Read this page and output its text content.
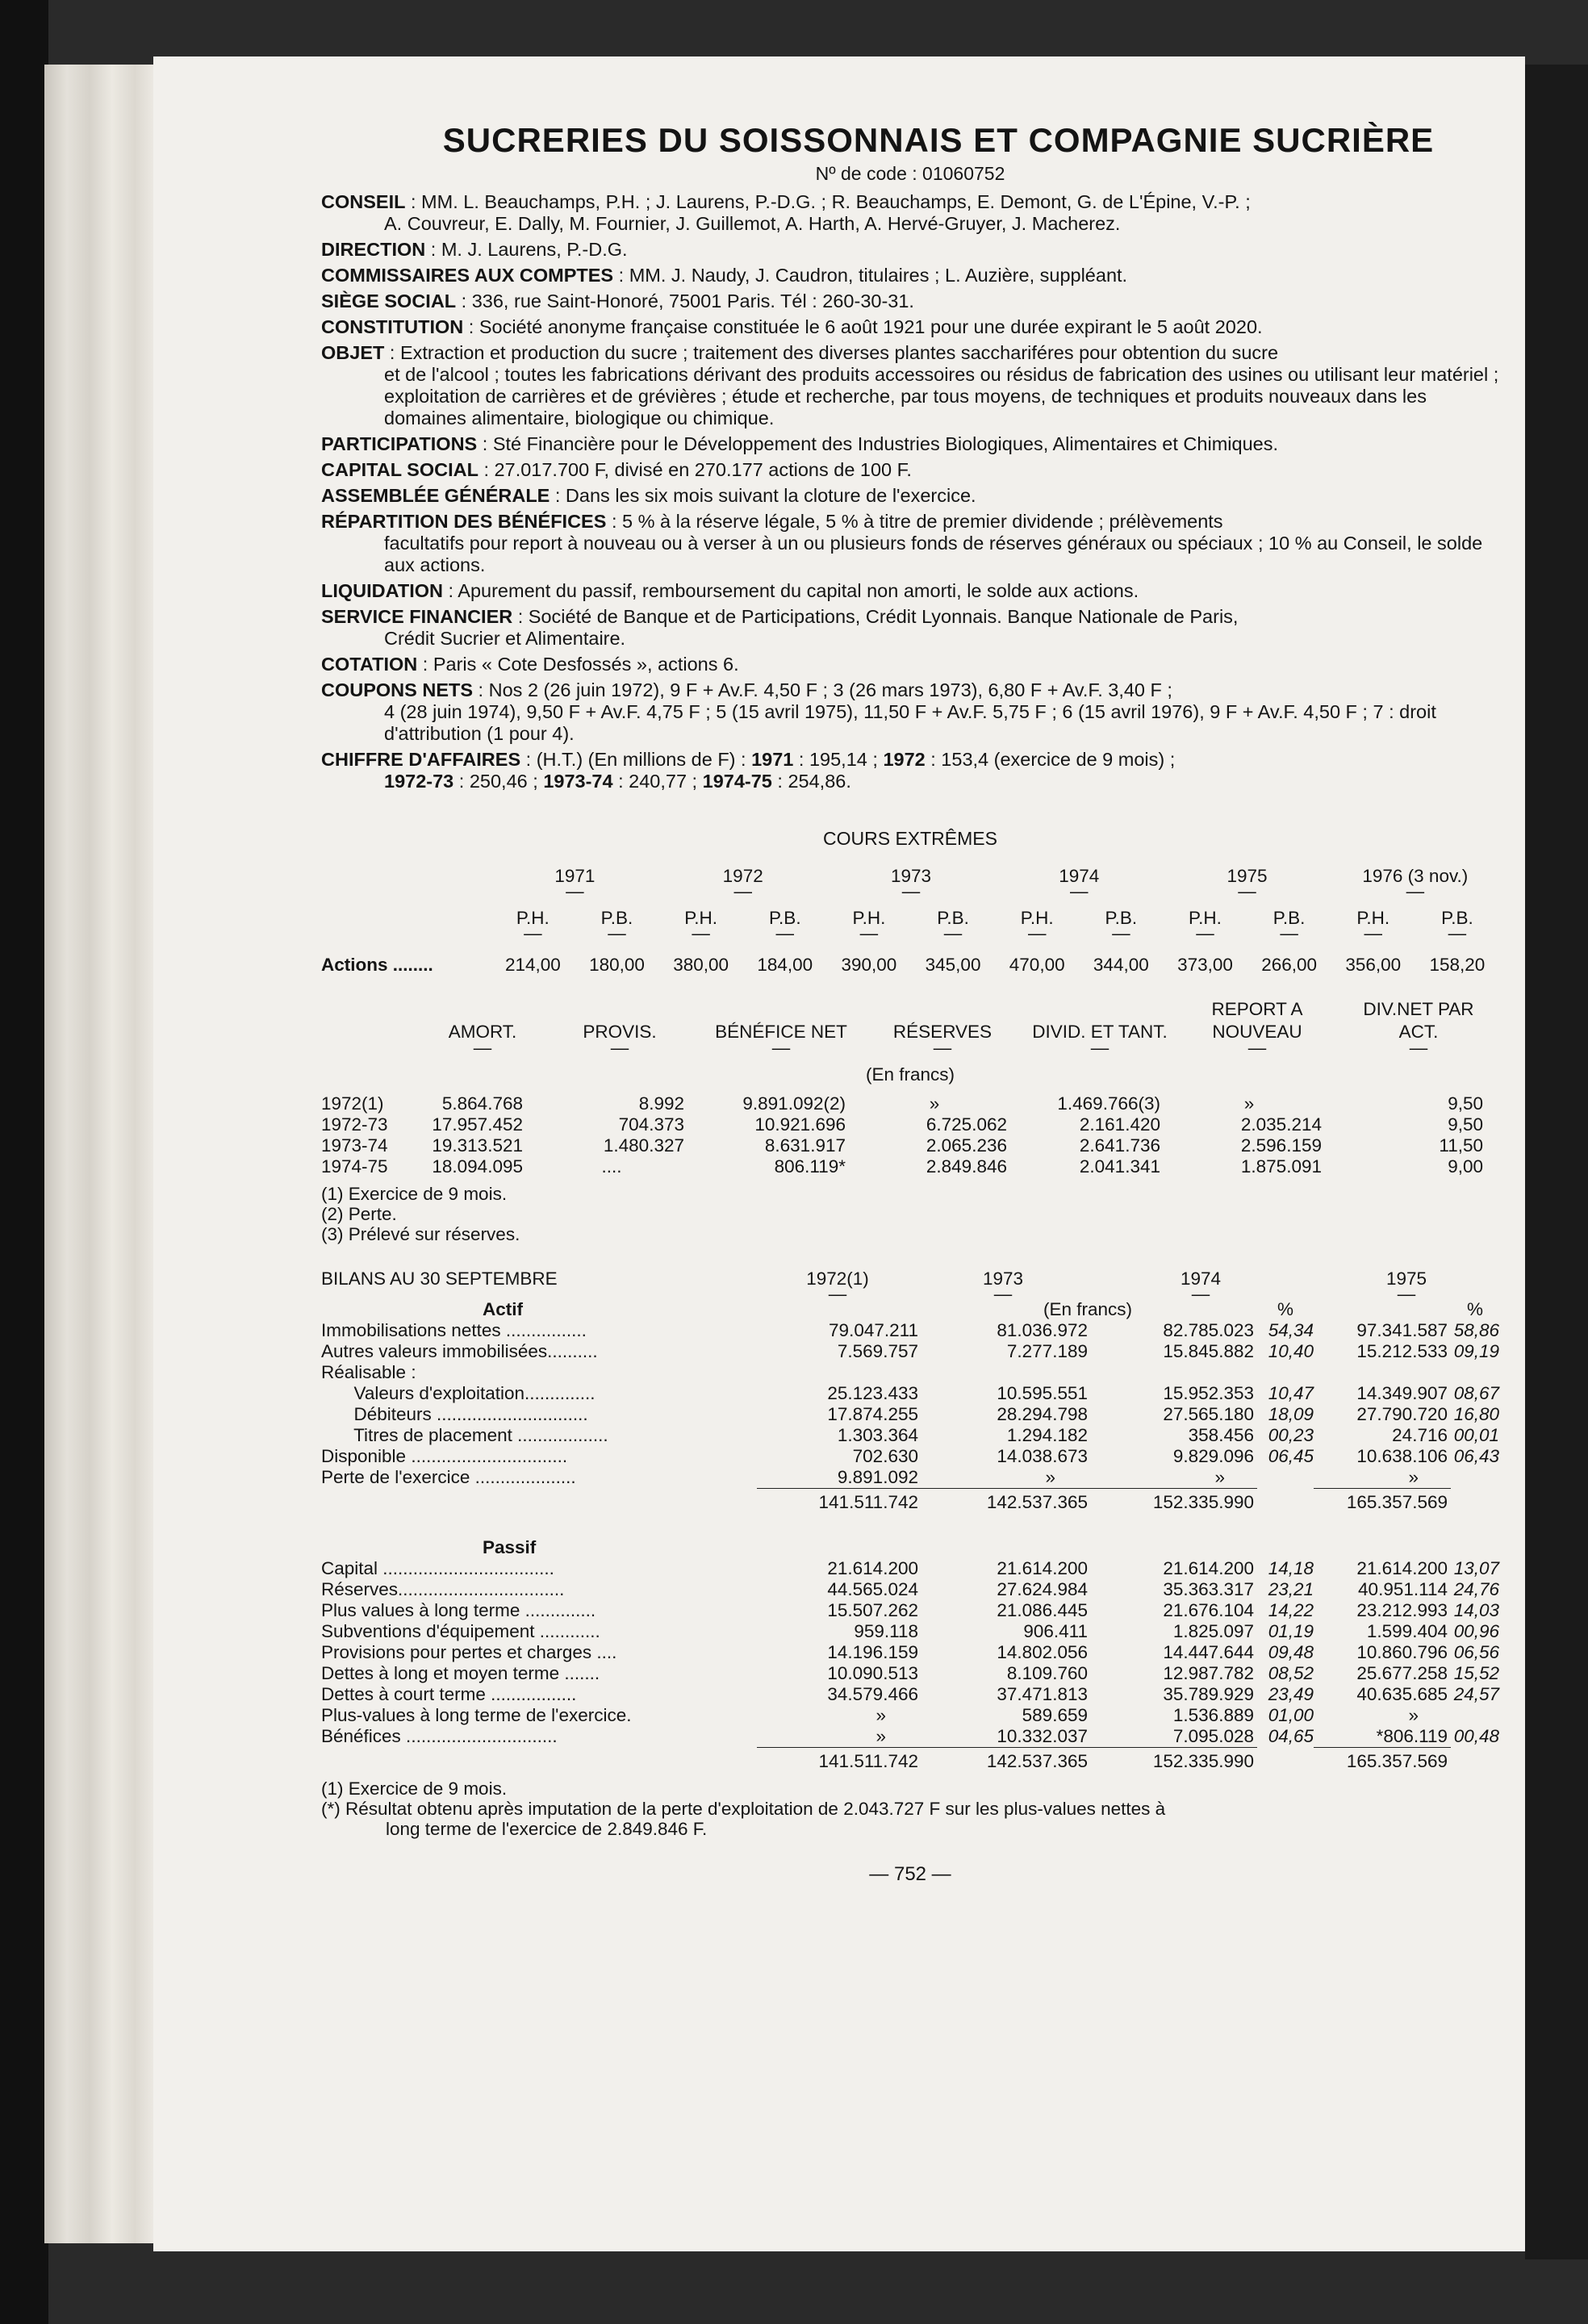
SUCRERIES DU SOISSONNAIS ET COMPAGNIE SUCRIÈRE
Nº de code : 01060752
CONSEIL : MM. L. Beauchamps, P.H. ; J. Laurens, P.-D.G. ; R. Beauchamps, E. Demont, G. de L'Épine, V.-P. ;
A. Couvreur, E. Dally, M. Fournier, J. Guillemot, A. Harth, A. Hervé-Gruyer, J. Macherez.
DIRECTION : M. J. Laurens, P.-D.G.
COMMISSAIRES AUX COMPTES : MM. J. Naudy, J. Caudron, titulaires ; L. Auzière, suppléant.
SIÈGE SOCIAL : 336, rue Saint-Honoré, 75001 Paris. Tél : 260-30-31.
CONSTITUTION : Société anonyme française constituée le 6 août 1921 pour une durée expirant le 5 août 2020.
OBJET : Extraction et production du sucre ; traitement des diverses plantes sacchariféres pour obtention du sucre
et de l'alcool ; toutes les fabrications dérivant des produits accessoires ou résidus de fabrication des usines ou utilisant leur matériel ; exploitation de carrières et de grévières ; étude et recherche, par tous moyens, de techniques et produits nouveaux dans les domaines alimentaire, biologique ou chimique.
PARTICIPATIONS : Sté Financière pour le Développement des Industries Biologiques, Alimentaires et Chimiques.
CAPITAL SOCIAL : 27.017.700 F, divisé en 270.177 actions de 100 F.
ASSEMBLÉE GÉNÉRALE : Dans les six mois suivant la cloture de l'exercice.
RÉPARTITION DES BÉNÉFICES : 5 % à la réserve légale, 5 % à titre de premier dividende ; prélèvements
facultatifs pour report à nouveau ou à verser à un ou plusieurs fonds de réserves généraux ou spéciaux ; 10 % au Conseil, le solde aux actions.
LIQUIDATION : Apurement du passif, remboursement du capital non amorti, le solde aux actions.
SERVICE FINANCIER : Société de Banque et de Participations, Crédit Lyonnais. Banque Nationale de Paris,
Crédit Sucrier et Alimentaire.
COTATION : Paris « Cote Desfossés », actions 6.
COUPONS NETS : Nos 2 (26 juin 1972), 9 F + Av.F. 4,50 F ; 3 (26 mars 1973), 6,80 F + Av.F. 3,40 F ;
4 (28 juin 1974), 9,50 F + Av.F. 4,75 F ; 5 (15 avril 1975), 11,50 F + Av.F. 5,75 F ; 6 (15 avril 1976), 9 F + Av.F. 4,50 F ; 7 : droit d'attribution (1 pour 4).
CHIFFRE D'AFFAIRES : (H.T.) (En millions de F) : 1971 : 195,14 ; 1972 : 153,4 (exercice de 9 mois) ;
1972-73 : 250,46 ; 1973-74 : 240,77 ; 1974-75 : 254,86.
COURS EXTRÊMES
	1971		1972		1973		1974		1975		1976 (3 nov.)	
	—		—		—		—		—		—	
	P.H.	P.B.	P.H.	P.B.	P.H.	P.B.	P.H.	P.B.	P.H.	P.B.	P.H.	P.B.
	—	—	—	—	—	—	—	—	—	—	—	—
Actions ........	214,00	180,00	380,00	184,00	390,00	345,00	470,00	344,00	373,00	266,00	356,00	158,20
	AMORT.	PROVIS.	BÉNÉFICE NET	RÉSERVES	DIVID. ET TANT.	REPORT A NOUVEAU	DIV.NET PAR ACT.
	—	—	—	—	—	—	—
(En francs)							
1972(1)	5.864.768	8.992	9.891.092(2)	»	1.469.766(3)	»	9,50
1972-73	17.957.452	704.373	10.921.696	6.725.062	2.161.420	2.035.214	9,50
1973-74	19.313.521	1.480.327	8.631.917	2.065.236	2.641.736	2.596.159	11,50
1974-75	18.094.095	....	806.119*	2.849.846	2.041.341	1.875.091	9,00
(1) Exercice de 9 mois.
(2) Perte.
(3) Prélevé sur réserves.
BILANS AU 30 SEPTEMBRE	1972(1)	1973	1974		1975	
	—	—	—		—	
Actif		(En francs)		%		%
Immobilisations nettes ................	79.047.211	81.036.972	82.785.023	54,34	97.341.587	58,86
Autres valeurs immobilisées..........	7.569.757	7.277.189	15.845.882	10,40	15.212.533	09,19
Réalisable :						
Valeurs d'exploitation..............	25.123.433	10.595.551	15.952.353	10,47	14.349.907	08,67
Débiteurs ..............................	17.874.255	28.294.798	27.565.180	18,09	27.790.720	16,80
Titres de placement ..................	1.303.364	1.294.182	358.456	00,23	24.716	00,01
Disponible ...............................	702.630	14.038.673	9.829.096	06,45	10.638.106	06,43
Perte de l'exercice ....................	9.891.092	»	»		»	
	141.511.742	142.537.365	152.335.990		165.357.569	

Passif						
Capital ..................................	21.614.200	21.614.200	21.614.200	14,18	21.614.200	13,07
Réserves.................................	44.565.024	27.624.984	35.363.317	23,21	40.951.114	24,76
Plus values à long terme ..............	15.507.262	21.086.445	21.676.104	14,22	23.212.993	14,03
Subventions d'équipement ............	959.118	906.411	1.825.097	01,19	1.599.404	00,96
Provisions pour pertes et charges ....	14.196.159	14.802.056	14.447.644	09,48	10.860.796	06,56
Dettes à long et moyen terme .......	10.090.513	8.109.760	12.987.782	08,52	25.677.258	15,52
Dettes à court terme .................	34.579.466	37.471.813	35.789.929	23,49	40.635.685	24,57
Plus-values à long terme de l'exercice.	»	589.659	1.536.889	01,00	»	
Bénéfices ..............................	»	10.332.037	7.095.028	04,65	*806.119	00,48
	141.511.742	142.537.365	152.335.990		165.357.569	
(1) Exercice de 9 mois.
(*) Résultat obtenu après imputation de la perte d'exploitation de 2.043.727 F sur les plus-values nettes à
long terme de l'exercice de 2.849.846 F.
— 752 —
